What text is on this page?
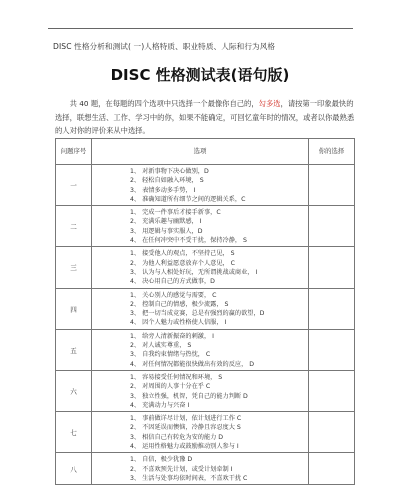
DISC 性格分析和测试( 一)人格特质、职业特质、人际和行为风格
DISC 性格测试表(语句版)
  共 40 题，在每题的四个选项中只选择一个最像你自己的，勾多选，请按第一印象最快的选择，联想生活、工作、学习中的你，如果不能确定，可回忆童年时的情况，或者以你最熟悉的人对你的评价来从中选择。
问题序号	选项	你的选择
一	1、 对新事物下决心做别，D
2、 轻松自如融入环境， S
3、 表情多动多手势， I
4、 准确知道所有细节之间的逻辑关系，C	

二	1、 完成一件事后才接手新事，C
2、 充满乐趣与幽默感， I
3、 用逻辑与事实服人，D
4、 在任何冲突中不受干扰，保持冷静， S	

三	1、 接受他人的观点，不坚持己见， S
2、 为他人利益愿意放弃个人意见， C
3、 认为与人相处好玩，无所谓挑战或商业， I
4、 决心用自己的方式做事，D	

四	1、 关心别人的感觉与需要， C
2、 控制自己的情感，极少流露， S
3、 把一切当成竞赛，总是有强烈的赢的欲望，D
4、 因个人魅力或性格使人信服， I	

五	1、 给旁人清新振奋的刺激， I
2、 对人诚实尊重， S
3、 自我约束情绪与热忱， C
4、 对任何情况都能很快做出有效的反应， D	

六	1、 容易接受任何情况和环境， S
2、 对周围的人事十分在乎 C
3、 独立性强，机智，凭自己的能力判断 D
4、 充满动力与兴奋 I	

七	1、 事前做详尽计划，依计划进行工作 C
2、 不因延误而懊恼，冷静且容忍度大 S
3、 相信自己有转危为安的能力 D
4、 运用性格魅力或鼓励推动别人参与 I	

八	1、 自信，极少犹豫 D
2、 不喜欢预先计划，或受计划牵制 I
3、 生活与处事均依时间表，不喜欢干扰 C	
